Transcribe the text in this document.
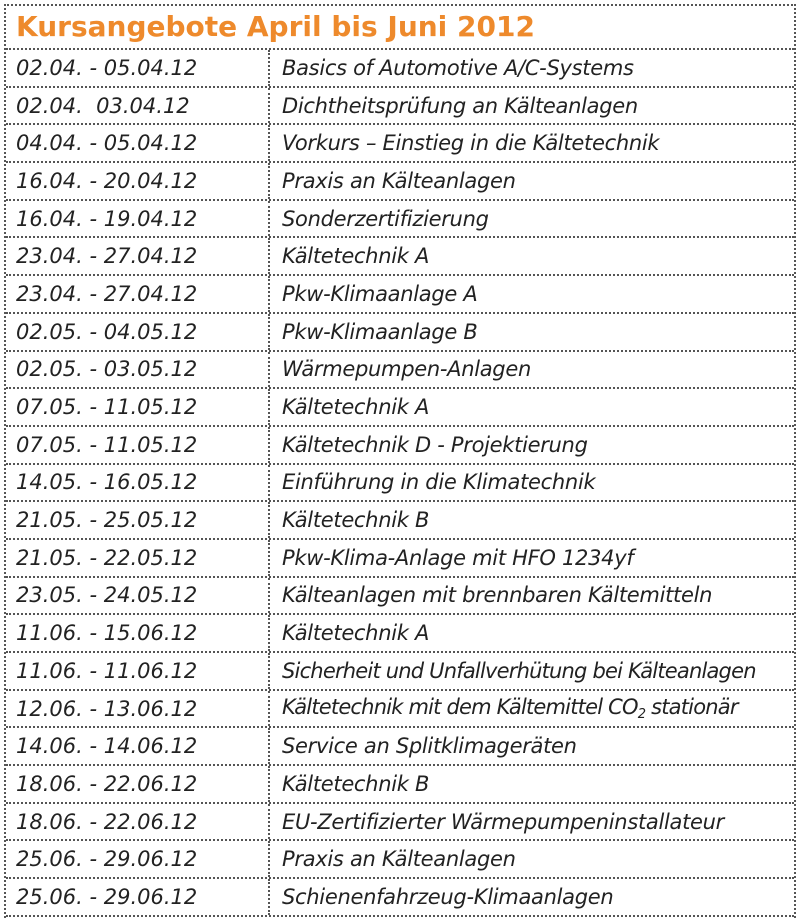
Kursangebote April bis Juni 2012
02.04. - 05.04.12	Basics of Automotive A/C-Systems
02.04.  03.04.12	Dichtheitsprüfung an Kälteanlagen
04.04. - 05.04.12	Vorkurs – Einstieg in die Kältetechnik
16.04. - 20.04.12	Praxis an Kälteanlagen
16.04. - 19.04.12	Sonderzertifizierung
23.04. - 27.04.12	Kältetechnik A
23.04. - 27.04.12	Pkw-Klimaanlage A
02.05. - 04.05.12	Pkw-Klimaanlage B
02.05. - 03.05.12	Wärmepumpen-Anlagen
07.05. - 11.05.12	Kältetechnik A
07.05. - 11.05.12	Kältetechnik D - Projektierung
14.05. - 16.05.12	Einführung in die Klimatechnik
21.05. - 25.05.12	Kältetechnik B
21.05. - 22.05.12	Pkw-Klima-Anlage mit HFO 1234yf
23.05. - 24.05.12	Kälteanlagen mit brennbaren Kältemitteln
11.06. - 15.06.12	Kältetechnik A
11.06. - 11.06.12	Sicherheit und Unfallverhütung bei Kälteanlagen
12.06. - 13.06.12	Kältetechnik mit dem Kältemittel $CO_2$ stationär
14.06. - 14.06.12	Service an Splitklimageräten
18.06. - 22.06.12	Kältetechnik B
18.06. - 22.06.12	EU-Zertifizierter Wärmepumpeninstallateur
25.06. - 29.06.12	Praxis an Kälteanlagen
25.06. - 29.06.12	Schienenfahrzeug-Klimaanlagen
